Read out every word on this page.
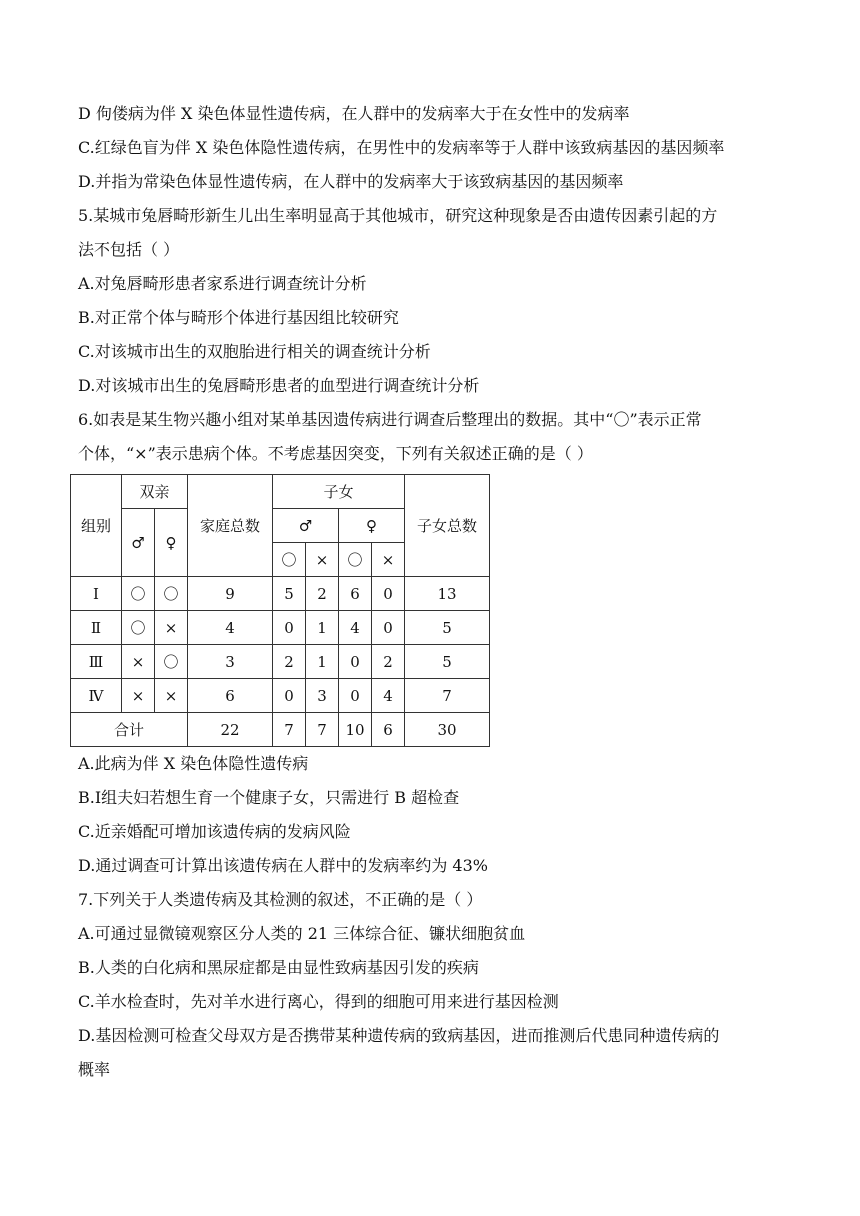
D 佝偻病为伴 X 染色体显性遗传病，在人群中的发病率大于在女性中的发病率
C.红绿色盲为伴 X 染色体隐性遗传病，在男性中的发病率等于人群中该致病基因的基因频率
D.并指为常染色体显性遗传病，在人群中的发病率大于该致病基因的基因频率
5.某城市兔唇畸形新生儿出生率明显高于其他城市，研究这种现象是否由遗传因素引起的方
法不包括（ ）
A.对兔唇畸形患者家系进行调查统计分析
B.对正常个体与畸形个体进行基因组比较研究
C.对该城市出生的双胞胎进行相关的调查统计分析
D.对该城市出生的兔唇畸形患者的血型进行调查统计分析
6.如表是某生物兴趣小组对某单基因遗传病进行调查后整理出的数据。其中“〇”表示正常
个体，“×”表示患病个体。不考虑基因突变，下列有关叙述正确的是（ ）
组别	双亲		家庭总数	子女				子女总数
	♂	♀		♂		♀		
				〇	×	〇	×	
Ⅰ	〇	〇	9	5	2	6	0	13
Ⅱ	〇	×	4	0	1	4	0	5
Ⅲ	×	〇	3	2	1	0	2	5
Ⅳ	×	×	6	0	3	0	4	7
合计			22	7	7	10	6	30
A.此病为伴 X 染色体隐性遗传病
B.Ⅰ组夫妇若想生育一个健康子女，只需进行 B 超检查
C.近亲婚配可增加该遗传病的发病风险
D.通过调查可计算出该遗传病在人群中的发病率约为 43%
7.下列关于人类遗传病及其检测的叙述，不正确的是（ ）
A.可通过显微镜观察区分人类的 21 三体综合征、镰状细胞贫血
B.人类的白化病和黑尿症都是由显性致病基因引发的疾病
C.羊水检查时，先对羊水进行离心，得到的细胞可用来进行基因检测
D.基因检测可检查父母双方是否携带某种遗传病的致病基因，进而推测后代患同种遗传病的
概率
